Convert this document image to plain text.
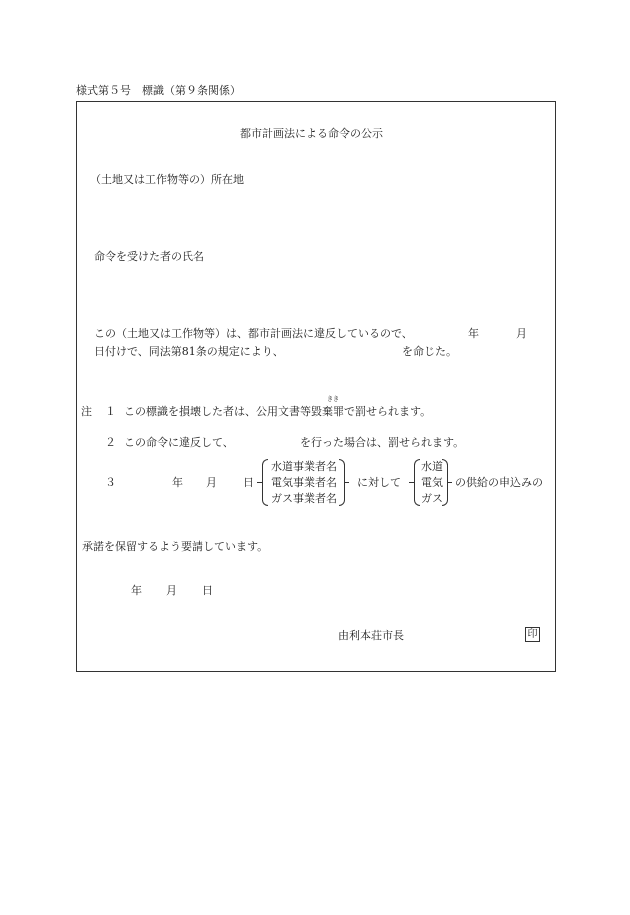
様式第５号　標識（第９条関係）
都市計画法による命令の公示
（土地又は工作物等の）所在地
命令を受けた者の氏名
この（土地又は工作物等）は、都市計画法に違反しているので、	年	月
日付けで、同法第81条の規定により、	を命じた。
注 １
きき
この標識を損壊した者は、公用文書等毀棄罪で罰せられます。
２ この命令に違反して、	を行った場合は、罰せられます。
３	年 月 日
水道事業者名
電気事業者名
ガス事業者名
に対して
水道
電気
ガス
の供給の申込みの
承諾を保留するよう要請しています。
年 月 日
由利本荘市長	印
